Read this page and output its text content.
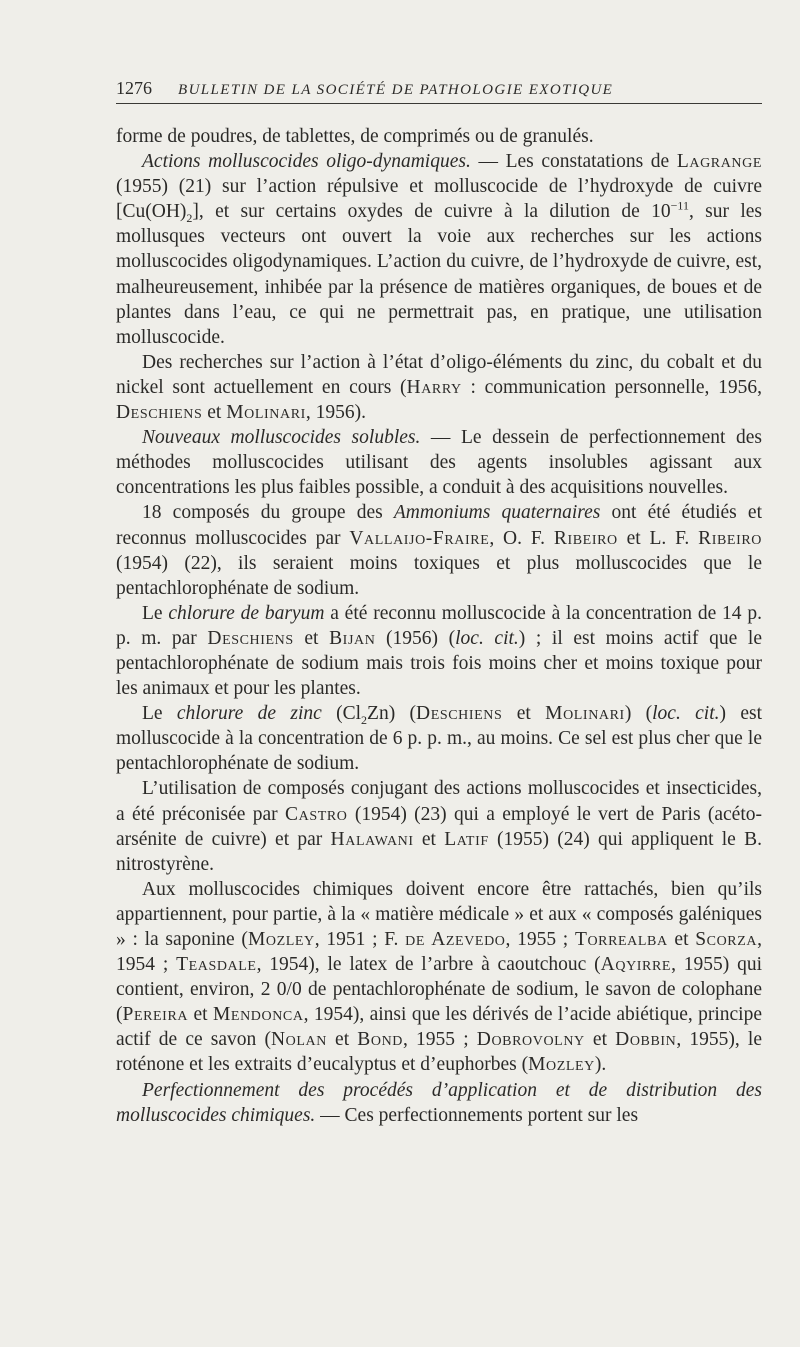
1276 BULLETIN DE LA SOCIÉTÉ DE PATHOLOGIE EXOTIQUE

forme de poudres, de tablettes, de comprimés ou de granulés.

Actions molluscocides oligo-dynamiques. — Les constatations de Lagrange (1955) (21) sur l’action répulsive et molluscocide de l’hydroxyde de cuivre $[Cu(OH)_2]$, et sur certains oxydes de cuivre à la dilution de $10^{-11}$, sur les mollusques vecteurs ont ouvert la voie aux recherches sur les actions molluscocides oligodynamiques. L’action du cuivre, de l’hydroxyde de cuivre, est, malheureusement, inhibée par la présence de matières organiques, de boues et de plantes dans l’eau, ce qui ne permettrait pas, en pratique, une utilisation molluscocide.

Des recherches sur l’action à l’état d’oligo-éléments du zinc, du cobalt et du nickel sont actuellement en cours (Harry : communication personnelle, 1956, Deschiens et Molinari, 1956).

Nouveaux molluscocides solubles. — Le dessein de perfectionnement des méthodes molluscocides utilisant des agents insolubles agissant aux concentrations les plus faibles possible, a conduit à des acquisitions nouvelles.

18 composés du groupe des Ammoniums quaternaires ont été étudiés et reconnus molluscocides par Vallaijo-Fraire, O. F. Ribeiro et L. F. Ribeiro (1954) (22), ils seraient moins toxiques et plus molluscocides que le pentachlorophénate de sodium.

Le chlorure de baryum a été reconnu molluscocide à la concentration de 14 p. p. m. par Deschiens et Bijan (1956) (loc. cit.) ; il est moins actif que le pentachlorophénate de sodium mais trois fois moins cher et moins toxique pour les animaux et pour les plantes.

Le chlorure de zinc $(Cl_2Zn)$ (Deschiens et Molinari) (loc. cit.) est molluscocide à la concentration de 6 p. p. m., au moins. Ce sel est plus cher que le pentachlorophénate de sodium.

L’utilisation de composés conjugant des actions molluscocides et insecticides, a été préconisée par Castro (1954) (23) qui a employé le vert de Paris (acéto-arsénite de cuivre) et par Halawani et Latif (1955) (24) qui appliquent le B. nitrostyrène.

Aux molluscocides chimiques doivent encore être rattachés, bien qu’ils appartiennent, pour partie, à la « matière médicale » et aux « composés galéniques » : la saponine (Mozley, 1951 ; F. de Azevedo, 1955 ; Torrealba et Scorza, 1954 ; Teasdale, 1954), le latex de l’arbre à caoutchouc (Aqyirre, 1955) qui contient, environ, 2 0/0 de pentachlorophénate de sodium, le savon de colophane (Pereira et Mendonca, 1954), ainsi que les dérivés de l’acide abiétique, principe actif de ce savon (Nolan et Bond, 1955 ; Dobrovolny et Dobbin, 1955), le roténone et les extraits d’eucalyptus et d’euphorbes (Mozley).

Perfectionnement des procédés d’application et de distribution des molluscocides chimiques. — Ces perfectionnements portent sur les
